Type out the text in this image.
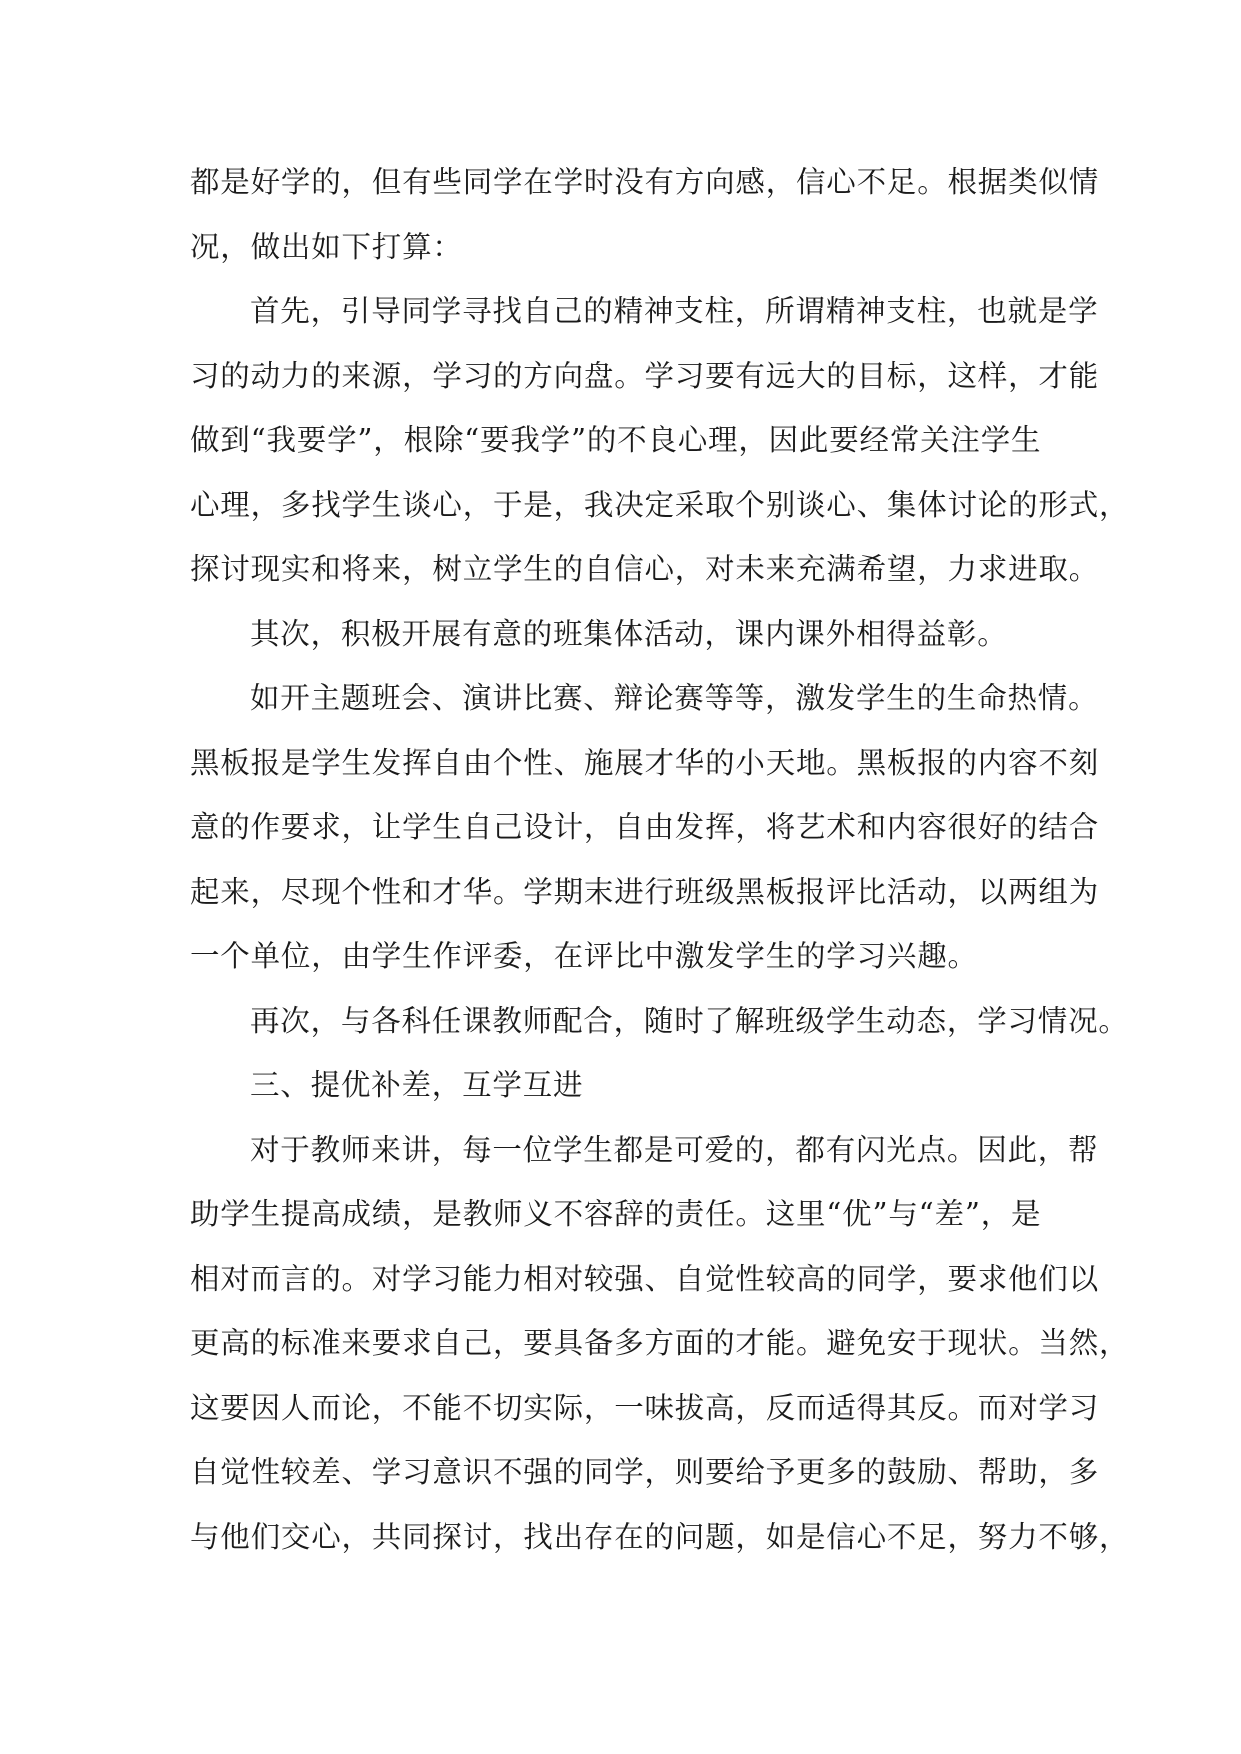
都是好学的，但有些同学在学时没有方向感，信心不足。根据类似情
况，做出如下打算：
首先，引导同学寻找自己的精神支柱，所谓精神支柱，也就是学
习的动力的来源，学习的方向盘。学习要有远大的目标，这样，才能
做到“我要学”，根除“要我学”的不良心理，因此要经常关注学生
心理，多找学生谈心，于是，我决定采取个别谈心、集体讨论的形式，
探讨现实和将来，树立学生的自信心，对未来充满希望，力求进取。
其次，积极开展有意的班集体活动，课内课外相得益彰。
如开主题班会、演讲比赛、辩论赛等等，激发学生的生命热情。
黑板报是学生发挥自由个性、施展才华的小天地。黑板报的内容不刻
意的作要求，让学生自己设计，自由发挥，将艺术和内容很好的结合
起来，尽现个性和才华。学期末进行班级黑板报评比活动，以两组为
一个单位，由学生作评委，在评比中激发学生的学习兴趣。
再次，与各科任课教师配合，随时了解班级学生动态，学习情况。
三、提优补差，互学互进
对于教师来讲，每一位学生都是可爱的，都有闪光点。因此，帮
助学生提高成绩，是教师义不容辞的责任。这里“优”与“差”，是
相对而言的。对学习能力相对较强、自觉性较高的同学，要求他们以
更高的标准来要求自己，要具备多方面的才能。避免安于现状。当然，
这要因人而论，不能不切实际，一味拔高，反而适得其反。而对学习
自觉性较差、学习意识不强的同学，则要给予更多的鼓励、帮助，多
与他们交心，共同探讨，找出存在的问题，如是信心不足，努力不够，
